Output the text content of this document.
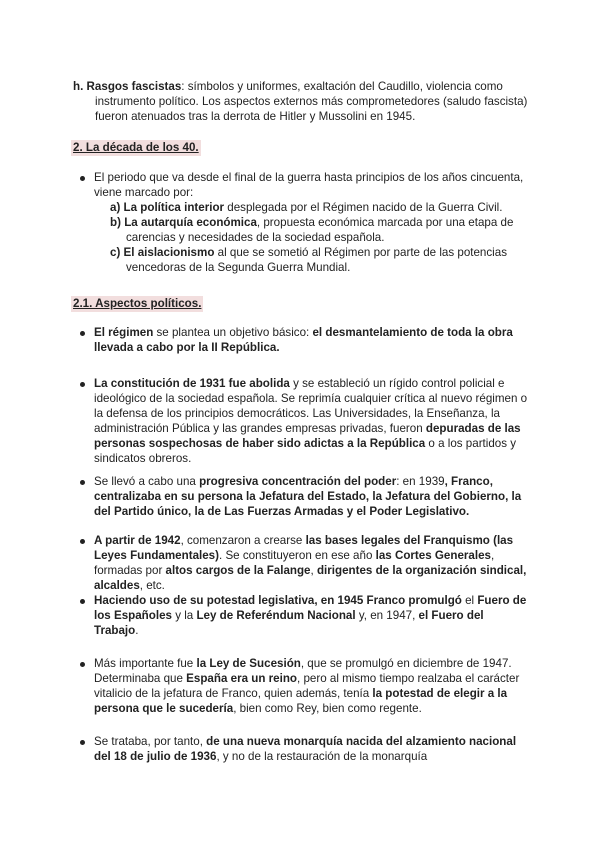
h. Rasgos fascistas: símbolos y uniformes, exaltación del Caudillo, violencia como instrumento político. Los aspectos externos más comprometedores (saludo fascista) fueron atenuados tras la derrota de Hitler y Mussolini en 1945.
2. La década de los 40.
El periodo que va desde el final de la guerra hasta principios de los años cincuenta, viene marcado por:
a) La política interior desplegada por el Régimen nacido de la Guerra Civil.
b) La autarquía económica, propuesta económica marcada por una etapa de carencias y necesidades de la sociedad española.
c) El aislacionismo al que se sometió al Régimen por parte de las potencias vencedoras de la Segunda Guerra Mundial.
2.1. Aspectos políticos.
El régimen se plantea un objetivo básico: el desmantelamiento de toda la obra llevada a cabo por la II República.
La constitución de 1931 fue abolida y se estableció un rígido control policial e ideológico de la sociedad española. Se reprimía cualquier crítica al nuevo régimen o la defensa de los principios democráticos. Las Universidades, la Enseñanza, la administración Pública y las grandes empresas privadas, fueron depuradas de las personas sospechosas de haber sido adictas a la República o a los partidos y sindicatos obreros.
Se llevó a cabo una progresiva concentración del poder: en 1939, Franco, centralizaba en su persona la Jefatura del Estado, la Jefatura del Gobierno, la del Partido único, la de Las Fuerzas Armadas y el Poder Legislativo.
A partir de 1942, comenzaron a crearse las bases legales del Franquismo (las Leyes Fundamentales). Se constituyeron en ese año las Cortes Generales, formadas por altos cargos de la Falange, dirigentes de la organización sindical, alcaldes, etc.
Haciendo uso de su potestad legislativa, en 1945 Franco promulgó el Fuero de los Españoles y la Ley de Referéndum Nacional y, en 1947, el Fuero del Trabajo.
Más importante fue la Ley de Sucesión, que se promulgó en diciembre de 1947. Determinaba que España era un reino, pero al mismo tiempo realzaba el carácter vitalicio de la jefatura de Franco, quien además, tenía la potestad de elegir a la persona que le sucedería, bien como Rey, bien como regente.
Se trataba, por tanto, de una nueva monarquía nacida del alzamiento nacional del 18 de julio de 1936, y no de la restauración de la monarquía
